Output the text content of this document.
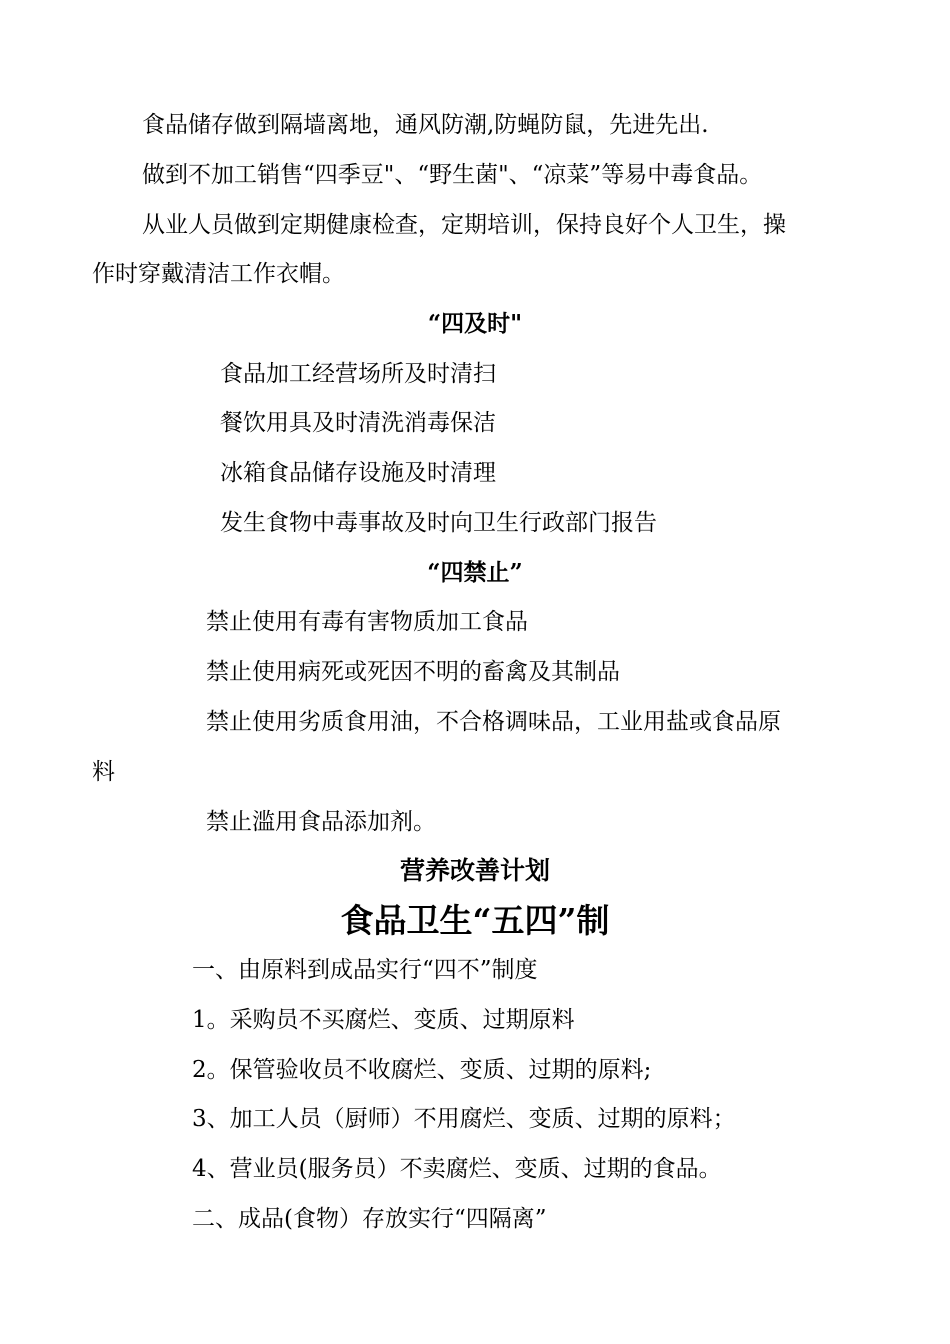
食品储存做到隔墙离地，通风防潮,防蝇防鼠，先进先出.
做到不加工销售“四季豆"、“野生菌"、“凉菜”等易中毒食品。
从业人员做到定期健康检查，定期培训，保持良好个人卫生，操
作时穿戴清洁工作衣帽。
“四及时"
食品加工经营场所及时清扫
餐饮用具及时清洗消毒保洁
冰箱食品储存设施及时清理
发生食物中毒事故及时向卫生行政部门报告
“四禁止”
禁止使用有毒有害物质加工食品
禁止使用病死或死因不明的畜禽及其制品
禁止使用劣质食用油，不合格调味品，工业用盐或食品原
料
禁止滥用食品添加剂。
营养改善计划
食品卫生“五四”制
一、由原料到成品实行“四不”制度
1。采购员不买腐烂、变质、过期原料
2。保管验收员不收腐烂、变质、过期的原料;
3、加工人员（厨师）不用腐烂、变质、过期的原料；
4、营业员(服务员）不卖腐烂、变质、过期的食品。
二、成品(食物）存放实行“四隔离”
